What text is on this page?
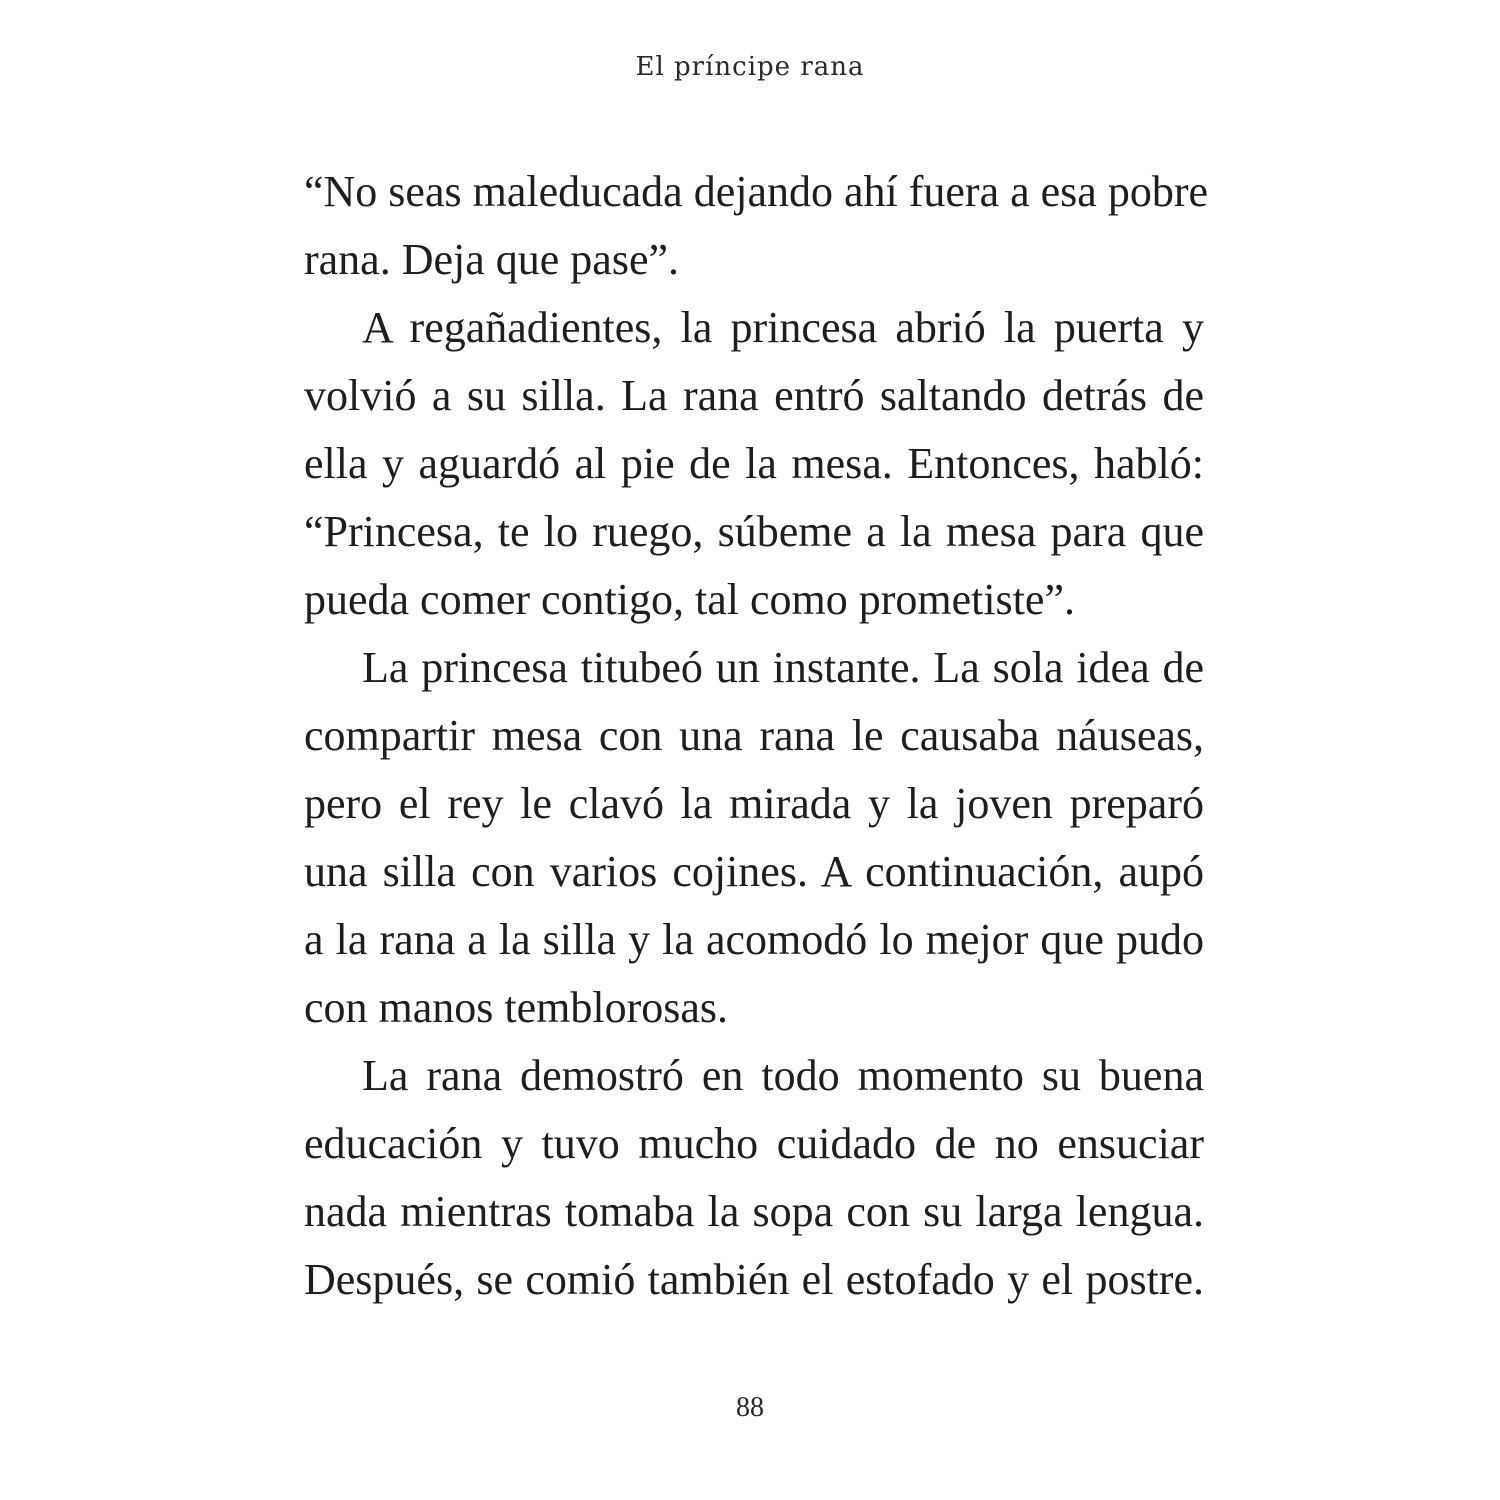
El príncipe rana
“No seas maleducada dejando ahí fuera a esa pobre
rana. Deja que pase”.
A regañadientes, la princesa abrió la puerta y
volvió a su silla. La rana entró saltando detrás de
ella y aguardó al pie de la mesa. Entonces, habló:
“Princesa, te lo ruego, súbeme a la mesa para que
pueda comer contigo, tal como prometiste”.
La princesa titubeó un instante. La sola idea de
compartir mesa con una rana le causaba náuseas,
pero el rey le clavó la mirada y la joven preparó
una silla con varios cojines. A continuación, aupó
a la rana a la silla y la acomodó lo mejor que pudo
con manos temblorosas.
La rana demostró en todo momento su buena
educación y tuvo mucho cuidado de no ensuciar
nada mientras tomaba la sopa con su larga lengua.
Después, se comió también el estofado y el postre.
88
